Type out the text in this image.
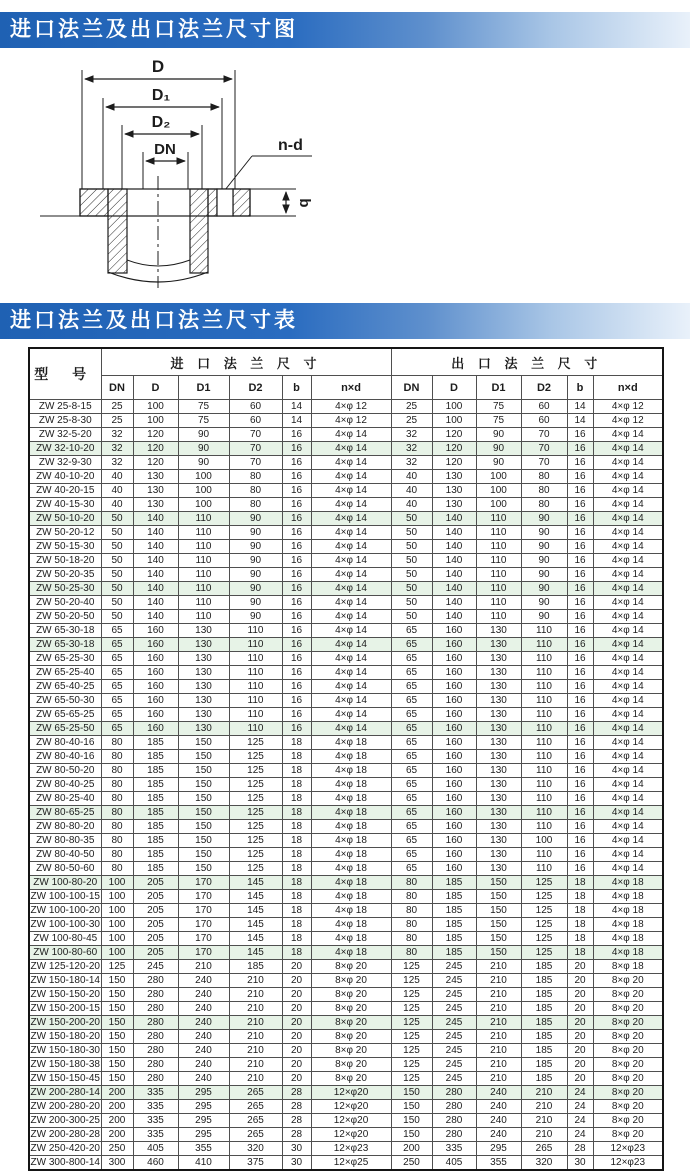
进口法兰及出口法兰尺寸图
D
D₁
D₂
DN	n-d
b
进口法兰及出口法兰尺寸表
型 号	进 口 法 兰 尺 寸						出 口 法 兰 尺 寸					
	DN	D	D1	D2	b	n×d	DN	D	D1	D2	b	n×d
ZW 25-8-15	25	100	75	60	14	4×φ 12	25	100	75	60	14	4×φ 12
ZW 25-8-30	25	100	75	60	14	4×φ 12	25	100	75	60	14	4×φ 12
ZW 32-5-20	32	120	90	70	16	4×φ 14	32	120	90	70	16	4×φ 14
ZW 32-10-20	32	120	90	70	16	4×φ 14	32	120	90	70	16	4×φ 14
ZW 32-9-30	32	120	90	70	16	4×φ 14	32	120	90	70	16	4×φ 14
ZW 40-10-20	40	130	100	80	16	4×φ 14	40	130	100	80	16	4×φ 14
ZW 40-20-15	40	130	100	80	16	4×φ 14	40	130	100	80	16	4×φ 14
ZW 40-15-30	40	130	100	80	16	4×φ 14	40	130	100	80	16	4×φ 14
ZW 50-10-20	50	140	110	90	16	4×φ 14	50	140	110	90	16	4×φ 14
ZW 50-20-12	50	140	110	90	16	4×φ 14	50	140	110	90	16	4×φ 14
ZW 50-15-30	50	140	110	90	16	4×φ 14	50	140	110	90	16	4×φ 14
ZW 50-18-20	50	140	110	90	16	4×φ 14	50	140	110	90	16	4×φ 14
ZW 50-20-35	50	140	110	90	16	4×φ 14	50	140	110	90	16	4×φ 14
ZW 50-25-30	50	140	110	90	16	4×φ 14	50	140	110	90	16	4×φ 14
ZW 50-20-40	50	140	110	90	16	4×φ 14	50	140	110	90	16	4×φ 14
ZW 50-20-50	50	140	110	90	16	4×φ 14	50	140	110	90	16	4×φ 14
ZW 65-30-18	65	160	130	110	16	4×φ 14	65	160	130	110	16	4×φ 14
ZW 65-30-18	65	160	130	110	16	4×φ 14	65	160	130	110	16	4×φ 14
ZW 65-25-30	65	160	130	110	16	4×φ 14	65	160	130	110	16	4×φ 14
ZW 65-25-40	65	160	130	110	16	4×φ 14	65	160	130	110	16	4×φ 14
ZW 65-40-25	65	160	130	110	16	4×φ 14	65	160	130	110	16	4×φ 14
ZW 65-50-30	65	160	130	110	16	4×φ 14	65	160	130	110	16	4×φ 14
ZW 65-65-25	65	160	130	110	16	4×φ 14	65	160	130	110	16	4×φ 14
ZW 65-25-50	65	160	130	110	16	4×φ 14	65	160	130	110	16	4×φ 14
ZW 80-40-16	80	185	150	125	18	4×φ 18	65	160	130	110	16	4×φ 14
ZW 80-40-16	80	185	150	125	18	4×φ 18	65	160	130	110	16	4×φ 14
ZW 80-50-20	80	185	150	125	18	4×φ 18	65	160	130	110	16	4×φ 14
ZW 80-40-25	80	185	150	125	18	4×φ 18	65	160	130	110	16	4×φ 14
ZW 80-25-40	80	185	150	125	18	4×φ 18	65	160	130	110	16	4×φ 14
ZW 80-65-25	80	185	150	125	18	4×φ 18	65	160	130	110	16	4×φ 14
ZW 80-80-20	80	185	150	125	18	4×φ 18	65	160	130	110	16	4×φ 14
ZW 80-80-35	80	185	150	125	18	4×φ 18	65	160	130	100	16	4×φ 14
ZW 80-40-50	80	185	150	125	18	4×φ 18	65	160	130	110	16	4×φ 14
ZW 80-50-60	80	185	150	125	18	4×φ 18	65	160	130	110	16	4×φ 14
ZW 100-80-20	100	205	170	145	18	4×φ 18	80	185	150	125	18	4×φ 18
ZW 100-100-15	100	205	170	145	18	4×φ 18	80	185	150	125	18	4×φ 18
ZW 100-100-20	100	205	170	145	18	4×φ 18	80	185	150	125	18	4×φ 18
ZW 100-100-30	100	205	170	145	18	4×φ 18	80	185	150	125	18	4×φ 18
ZW 100-80-45	100	205	170	145	18	4×φ 18	80	185	150	125	18	4×φ 18
ZW 100-80-60	100	205	170	145	18	4×φ 18	80	185	150	125	18	4×φ 18
ZW 125-120-20	125	245	210	185	20	8×φ 20	125	245	210	185	20	8×φ 18
ZW 150-180-14	150	280	240	210	20	8×φ 20	125	245	210	185	20	8×φ 20
ZW 150-150-20	150	280	240	210	20	8×φ 20	125	245	210	185	20	8×φ 20
ZW 150-200-15	150	280	240	210	20	8×φ 20	125	245	210	185	20	8×φ 20
ZW 150-200-20	150	280	240	210	20	8×φ 20	125	245	210	185	20	8×φ 20
ZW 150-180-20	150	280	240	210	20	8×φ 20	125	245	210	185	20	8×φ 20
ZW 150-180-30	150	280	240	210	20	8×φ 20	125	245	210	185	20	8×φ 20
ZW 150-180-38	150	280	240	210	20	8×φ 20	125	245	210	185	20	8×φ 20
ZW 150-150-45	150	280	240	210	20	8×φ 20	125	245	210	185	20	8×φ 20
ZW 200-280-14	200	335	295	265	28	12×φ20	150	280	240	210	24	8×φ 20
ZW 200-280-20	200	335	295	265	28	12×φ20	150	280	240	210	24	8×φ 20
ZW 200-300-25	200	335	295	265	28	12×φ20	150	280	240	210	24	8×φ 20
ZW 200-280-28	200	335	295	265	28	12×φ20	150	280	240	210	24	8×φ 20
ZW 250-420-20	250	405	355	320	30	12×φ23	200	335	295	265	28	12×φ23
ZW 300-800-14	300	460	410	375	30	12×φ25	250	405	355	320	30	12×φ23
